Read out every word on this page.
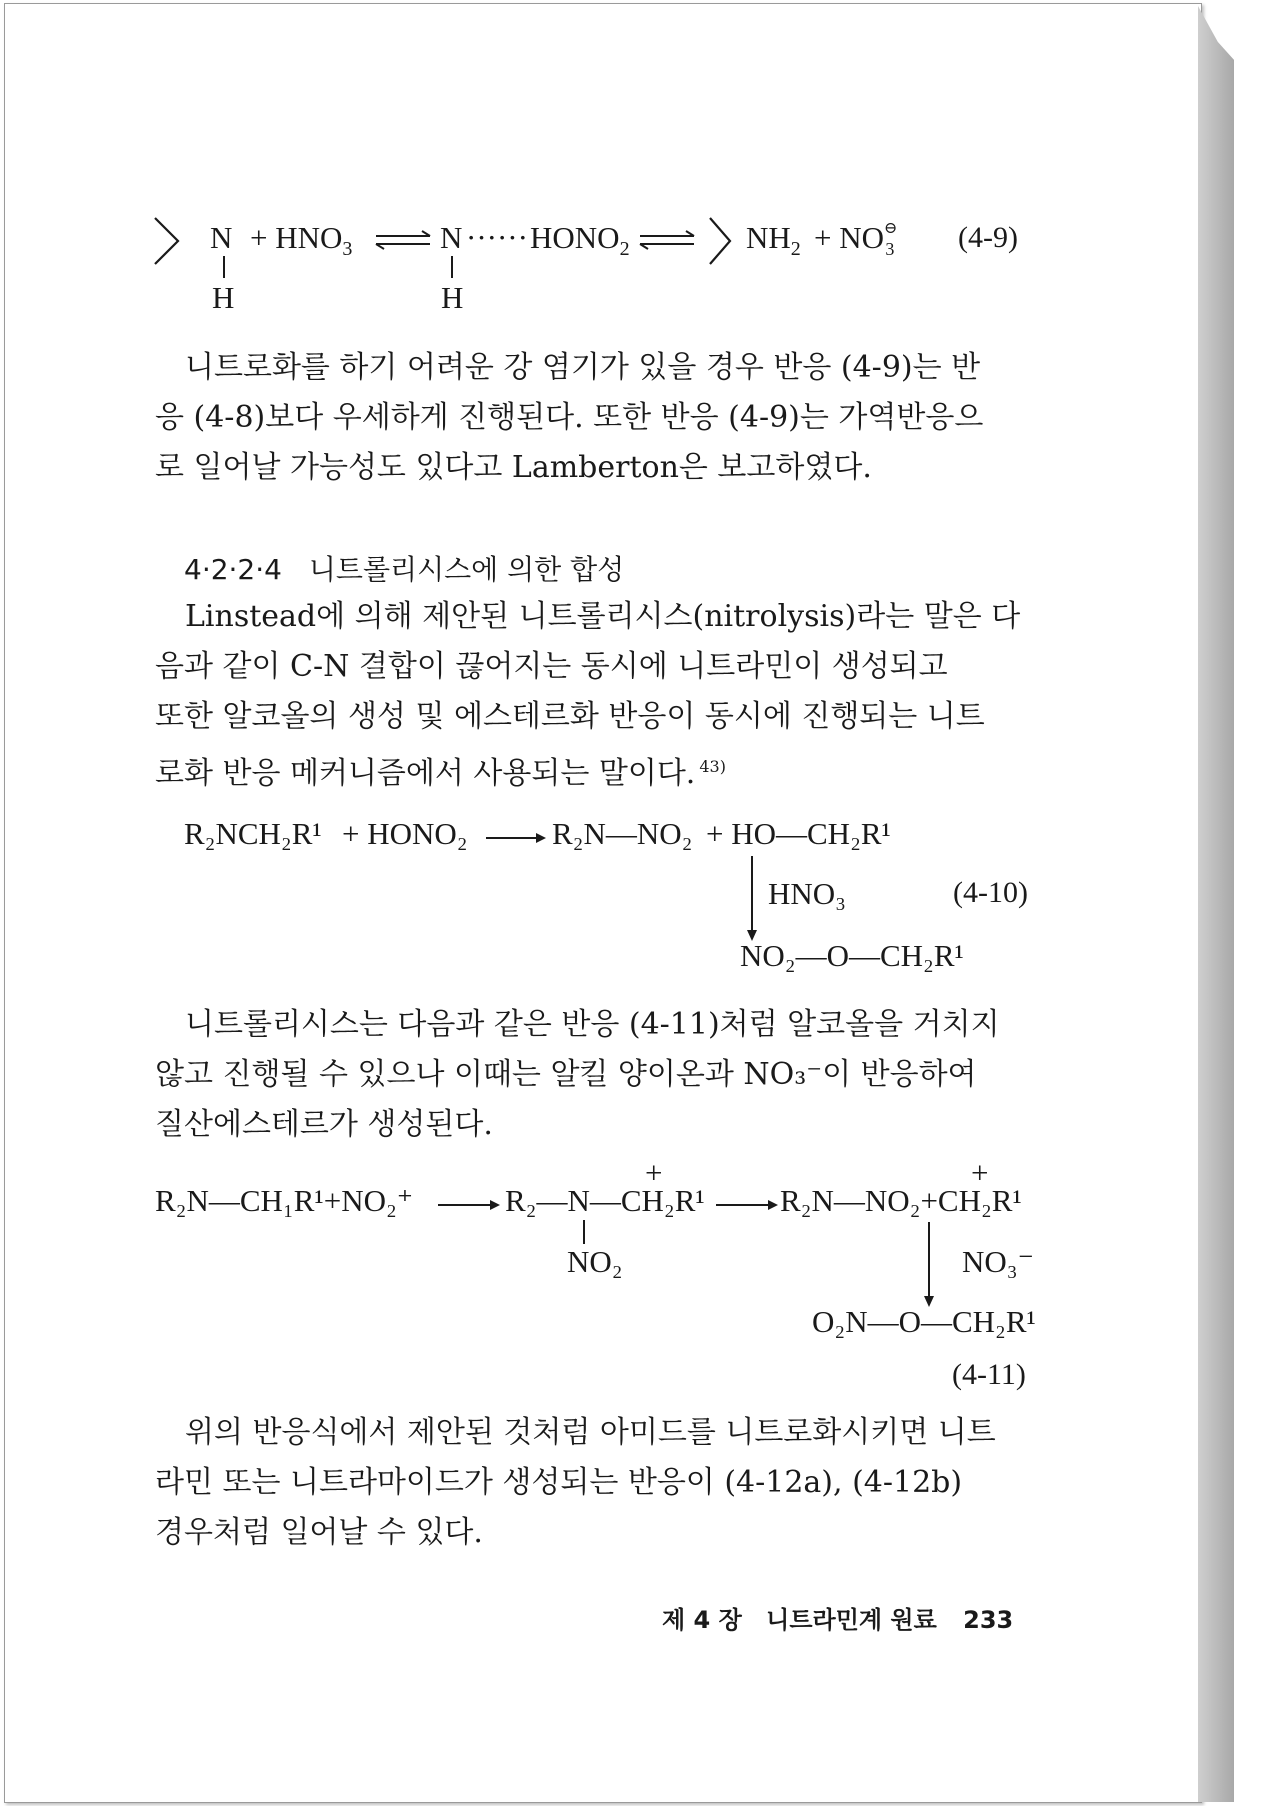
$N + HNO_3$	N ······ $HONO_2$	$NH_2 + NO^⊖_3$ (4-9)
H	H
니트로화를 하기 어려운 강 염기가 있을 경우 반응 (4-9)는 반
응 (4-8)보다 우세하게 진행된다. 또한 반응 (4-9)는 가역반응으
로 일어날 가능성도 있다고 Lamberton은 보고하였다.
4·2·2·4 니트롤리시스에 의한 합성
Linstead에 의해 제안된 니트롤리시스(nitrolysis)라는 말은 다
음과 같이 C-N 결합이 끊어지는 동시에 니트라민이 생성되고
또한 알코올의 생성 및 에스테르화 반응이 동시에 진행되는 니트
로화 반응 메커니즘에서 사용되는 말이다. $^{43)}$
R₂NCH₂R¹ + HONO₂	R₂N—NO₂ + HO—CH₂R¹
HNO₃	(4-10)
NO₂—O—CH₂R¹
니트롤리시스는 다음과 같은 반응 (4-11)처럼 알코올을 거치지
않고 진행될 수 있으나 이때는 알킬 양이온과 NO₃⁻이 반응하여
질산에스테르가 생성된다.
R₂N—CH₁R¹+NO₂⁺	R₂—N—CH₂R¹
+
NO₂
R₂N—NO₂+CH₂R¹
+
NO₃⁻
O₂N—O—CH₂R¹
(4-11)
위의 반응식에서 제안된 것처럼 아미드를 니트로화시키면 니트
라민 또는 니트라마이드가 생성되는 반응이 (4-12a), (4-12b)
경우처럼 일어날 수 있다.
제 4 장 니트라민계 원료 233
